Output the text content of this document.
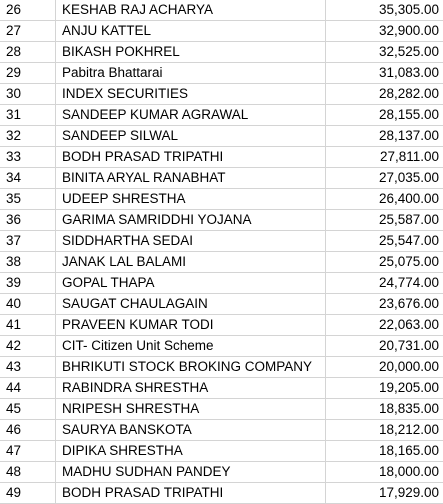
26	KESHAB RAJ ACHARYA	35,305.00
27	ANJU KATTEL	32,900.00
28	BIKASH POKHREL	32,525.00
29	Pabitra Bhattarai	31,083.00
30	INDEX SECURITIES	28,282.00
31	SANDEEP KUMAR AGRAWAL	28,155.00
32	SANDEEP SILWAL	28,137.00
33	BODH PRASAD TRIPATHI	27,811.00
34	BINITA ARYAL RANABHAT	27,035.00
35	UDEEP SHRESTHA	26,400.00
36	GARIMA SAMRIDDHI YOJANA	25,587.00
37	SIDDHARTHA SEDAI	25,547.00
38	JANAK LAL BALAMI	25,075.00
39	GOPAL THAPA	24,774.00
40	SAUGAT CHAULAGAIN	23,676.00
41	PRAVEEN KUMAR TODI	22,063.00
42	CIT- Citizen Unit Scheme	20,731.00
43	BHRIKUTI STOCK BROKING COMPANY	20,000.00
44	RABINDRA SHRESTHA	19,205.00
45	NRIPESH SHRESTHA	18,835.00
46	SAURYA BANSKOTA	18,212.00
47	DIPIKA SHRESTHA	18,165.00
48	MADHU SUDHAN PANDEY	18,000.00
49	BODH PRASAD TRIPATHI	17,929.00
